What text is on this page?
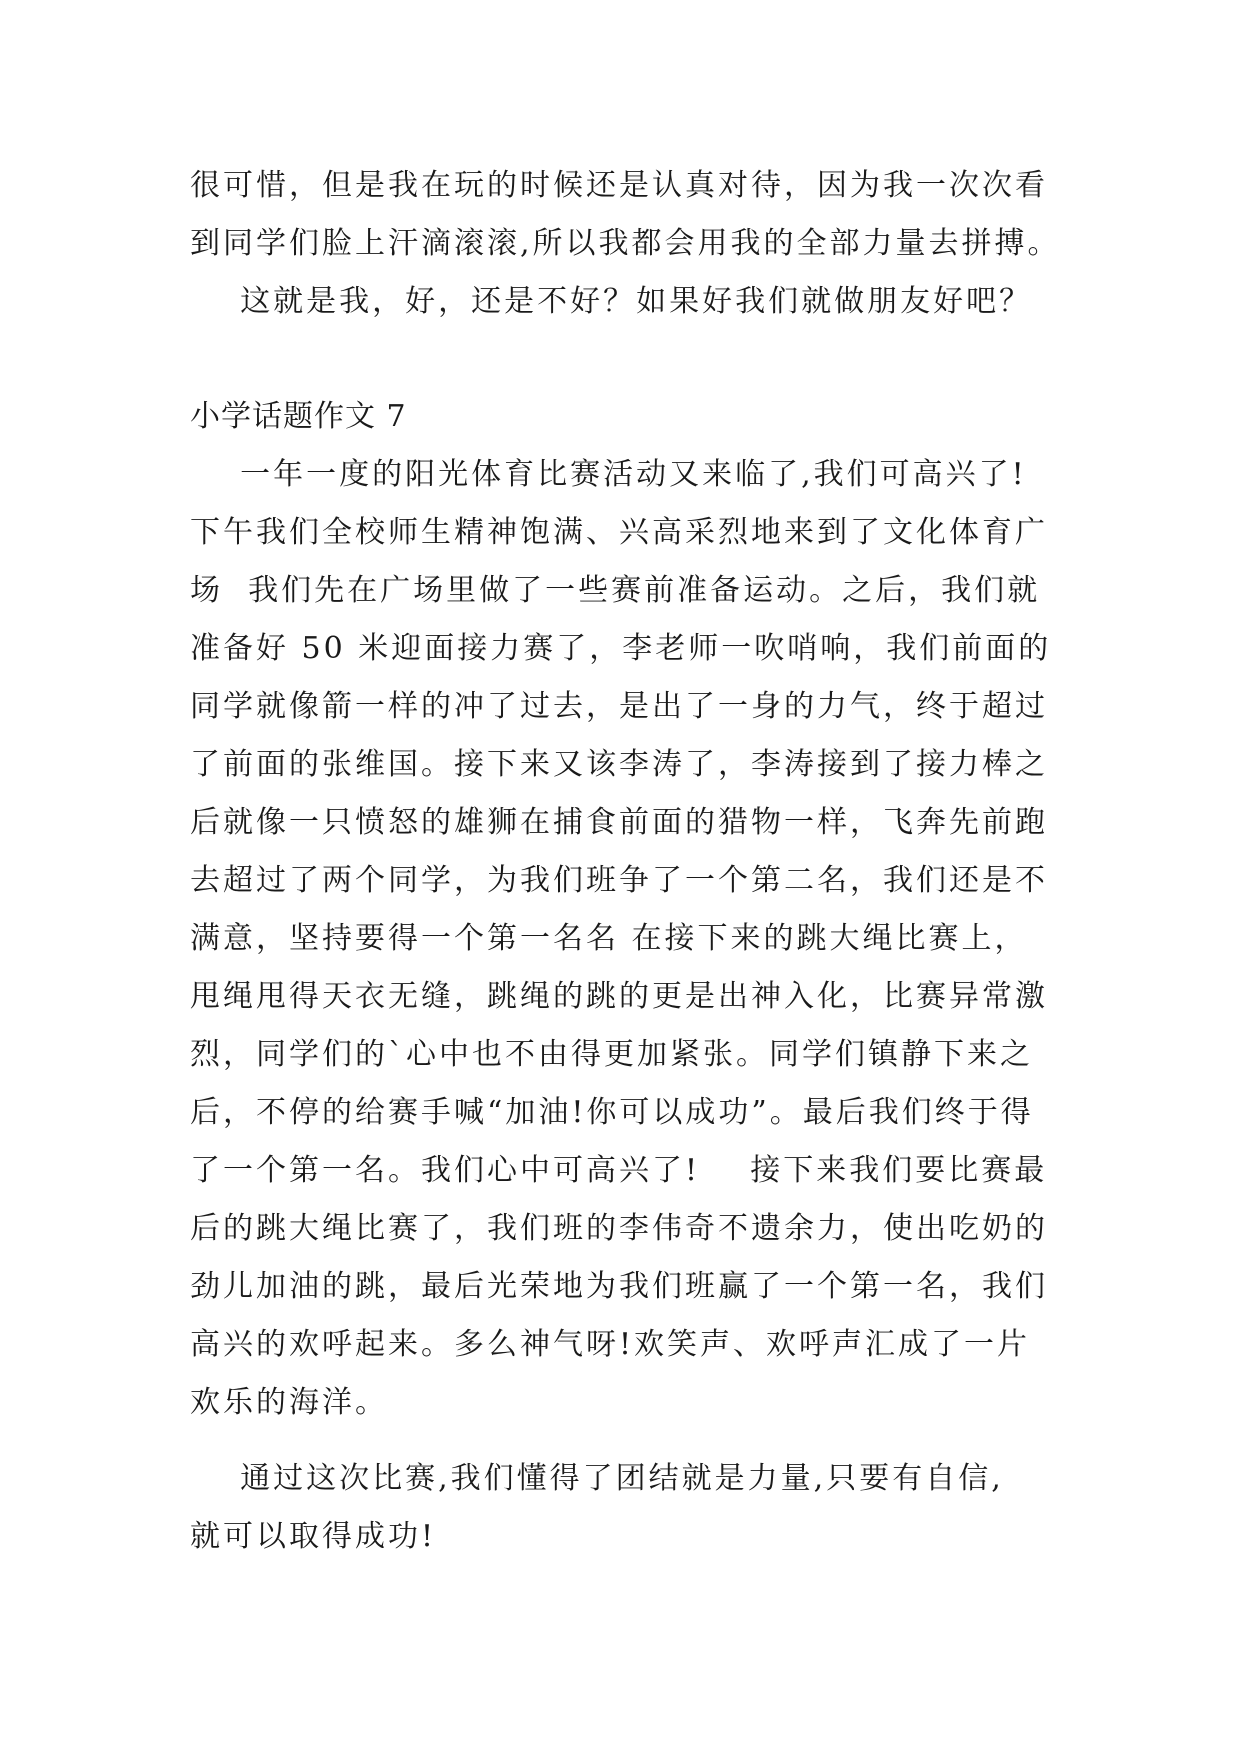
很可惜，但是我在玩的时候还是认真对待，因为我一次次看
到同学们脸上汗滴滚滚,所以我都会用我的全部力量去拼搏。
这就是我，好，还是不好？如果好我们就做朋友好吧？
小学话题作文 7
一年一度的阳光体育比赛活动又来临了,我们可高兴了!
下午我们全校师生精神饱满、兴高采烈地来到了文化体育广
场  我们先在广场里做了一些赛前准备运动。之后，我们就
准备好 50 米迎面接力赛了，李老师一吹哨响，我们前面的
同学就像箭一样的冲了过去，是出了一身的力气，终于超过
了前面的张维国。接下来又该李涛了，李涛接到了接力棒之
后就像一只愤怒的雄狮在捕食前面的猎物一样，飞奔先前跑
去超过了两个同学，为我们班争了一个第二名，我们还是不
满意，坚持要得一个第一名名 在接下来的跳大绳比赛上，
甩绳甩得天衣无缝，跳绳的跳的更是出神入化，比赛异常激
烈，同学们的`心中也不由得更加紧张。同学们镇静下来之
后，不停的给赛手喊“加油!你可以成功”。最后我们终于得
了一个第一名。我们心中可高兴了!    接下来我们要比赛最
后的跳大绳比赛了，我们班的李伟奇不遗余力，使出吃奶的
劲儿加油的跳，最后光荣地为我们班赢了一个第一名，我们
高兴的欢呼起来。多么神气呀!欢笑声、欢呼声汇成了一片
欢乐的海洋。
通过这次比赛,我们懂得了团结就是力量,只要有自信,
就可以取得成功!
